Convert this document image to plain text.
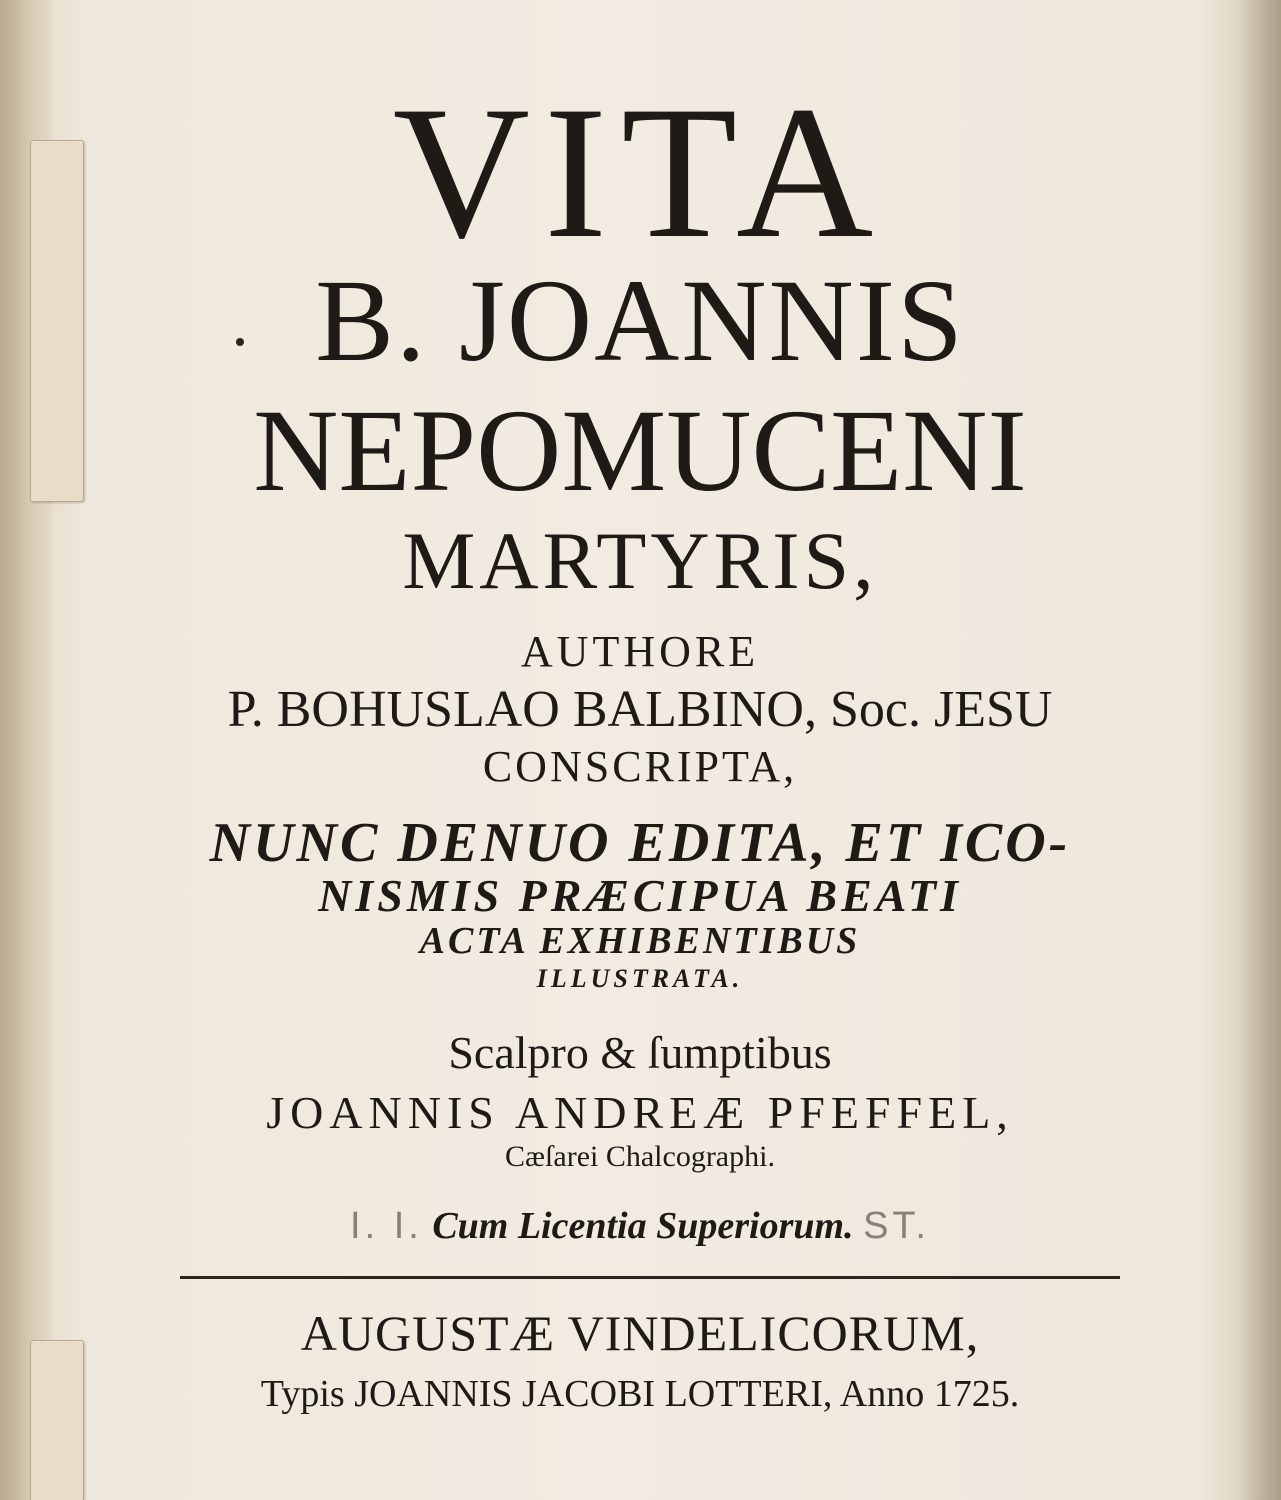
VITA
B. JOANNIS
NEPOMUCENI
MARTYRIS,
AUTHORE
P. BOHUSLAO BALBINO, Soc. JESU
CONSCRIPTA,
NUNC DENUO EDITA, ET ICO-
NISMIS PRÆCIPUA BEATI
ACTA EXHIBENTIBUS
ILLUSTRATA.
Scalpro & ſumptibus
JOANNIS ANDREÆ PFEFFEL,
Cæſarei Chalcographi.
I. I. Cum Licentia Superiorum. ST.
AUGUSTÆ VINDELICORUM,
Typis JOANNIS JACOBI LOTTERI, Anno 1725.
